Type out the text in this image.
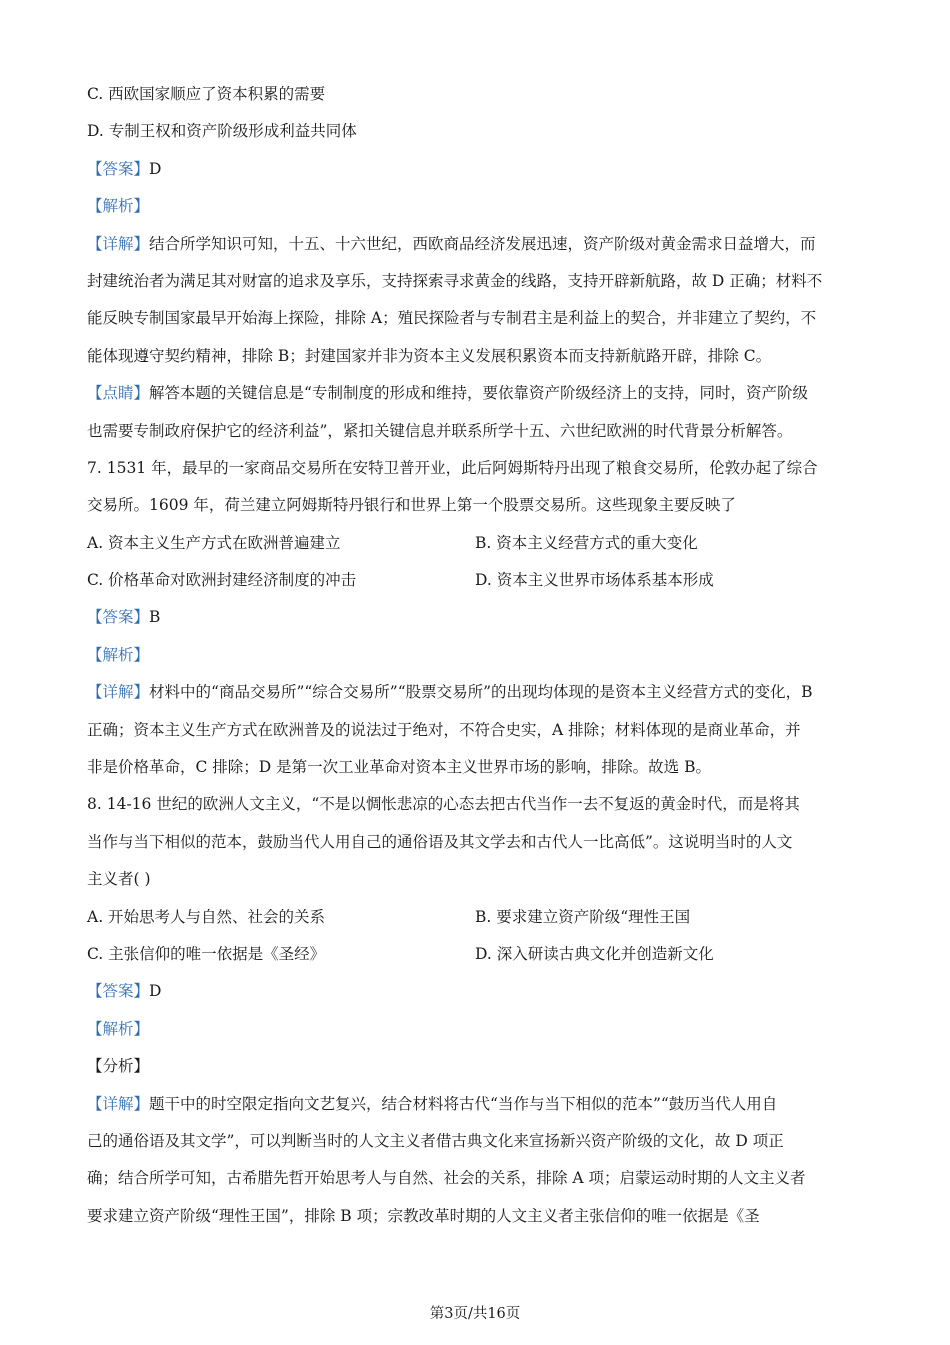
C. 西欧国家顺应了资本积累的需要
D. 专制王权和资产阶级形成利益共同体
【答案】D
【解析】
【详解】结合所学知识可知，十五、十六世纪，西欧商品经济发展迅速，资产阶级对黄金需求日益增大，而
封建统治者为满足其对财富的追求及享乐，支持探索寻求黄金的线路，支持开辟新航路，故 D 正确；材料不
能反映专制国家最早开始海上探险，排除 A；殖民探险者与专制君主是利益上的契合，并非建立了契约，不
能体现遵守契约精神，排除 B；封建国家并非为资本主义发展积累资本而支持新航路开辟，排除 C。
【点睛】解答本题的关键信息是“专制制度的形成和维持，要依靠资产阶级经济上的支持，同时，资产阶级
也需要专制政府保护它的经济利益”，紧扣关键信息并联系所学十五、六世纪欧洲的时代背景分析解答。
7. 1531 年，最早的一家商品交易所在安特卫普开业，此后阿姆斯特丹出现了粮食交易所，伦敦办起了综合
交易所。1609 年，荷兰建立阿姆斯特丹银行和世界上第一个股票交易所。这些现象主要反映了
A. 资本主义生产方式在欧洲普遍建立	B. 资本主义经营方式的重大变化
C. 价格革命对欧洲封建经济制度的冲击	D. 资本主义世界市场体系基本形成
【答案】B
【解析】
【详解】材料中的“商品交易所”“综合交易所”“股票交易所”的出现均体现的是资本主义经营方式的变化，B
正确；资本主义生产方式在欧洲普及的说法过于绝对，不符合史实，A 排除；材料体现的是商业革命，并
非是价格革命，C 排除；D 是第一次工业革命对资本主义世界市场的影响，排除。故选 B。
8. 14-16 世纪的欧洲人文主义，“不是以惆怅悲凉的心态去把古代当作一去不复返的黄金时代，而是将其
当作与当下相似的范本，鼓励当代人用自己的通俗语及其文学去和古代人一比高低”。这说明当时的人文
主义者( )
A. 开始思考人与自然、社会的关系	B. 要求建立资产阶级“理性王国
C. 主张信仰的唯一依据是《圣经》	D. 深入研读古典文化并创造新文化
【答案】D
【解析】
【分析】
【详解】题干中的时空限定指向文艺复兴，结合材料将古代“当作与当下相似的范本”“鼓历当代人用自
己的通俗语及其文学”，可以判断当时的人文主义者借古典文化来宣扬新兴资产阶级的文化，故 D 项正
确；结合所学可知，古希腊先哲开始思考人与自然、社会的关系，排除 A 项；启蒙运动时期的人文主义者
要求建立资产阶级“理性王国”，排除 B 项；宗教改革时期的人文主义者主张信仰的唯一依据是《圣
第3页/共16页
